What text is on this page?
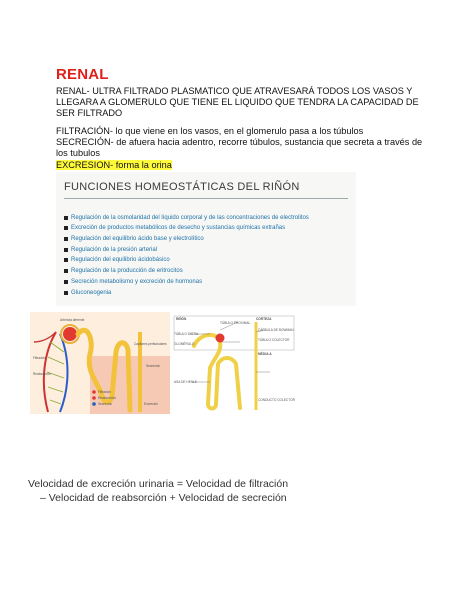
RENAL
RENAL- ULTRA FILTRADO PLASMATICO QUE ATRAVESARÁ TODOS LOS VASOS Y LLEGARA A GLOMERULO QUE TIENE EL LIQUIDO QUE TENDRA LA CAPACIDAD DE SER FILTRADO
FILTRACIÓN- lo que viene en los vasos, en el glomerulo pasa a los túbulos
SECRECIÓN- de afuera hacia adentro, recorre túbulos, sustancia que secreta a través de los tubulos
EXCRESION- forma la orina
FUNCIONES HOMEOSTÁTICAS DEL RIÑÓN
Regulación de la osmolaridad del líquido corporal y de las concentraciones de electrolitos
Excreción de productos metabólicos de desecho y sustancias químicas extrañas
Regulación del equilibrio ácido base y electrolítico
Regulación de la presión arterial
Regulación del equilibrio ácidobásico
Regulación de la producción de eritrocitos
Secreción metabolismo y excreción de hormonas
Gluconeogenia
Arteriola aferente
Capilares peritubulares
Filtración
Reabsorción
Secreción
Excreción
Filtración
Reabsorción
Secreción
RIÑÓN	CORTEZA
TÚBULO PROXIMAL
TÚBULO DISTAL
GLOMÉRULO
CÁPSULA DE BOWMAN
ASA DE HENLE
TÚBULO COLECTOR
MÉDULA
CONDUCTO COLECTOR
Velocidad de excreción urinaria = Velocidad de filtración
– Velocidad de reabsorción + Velocidad de secreción
